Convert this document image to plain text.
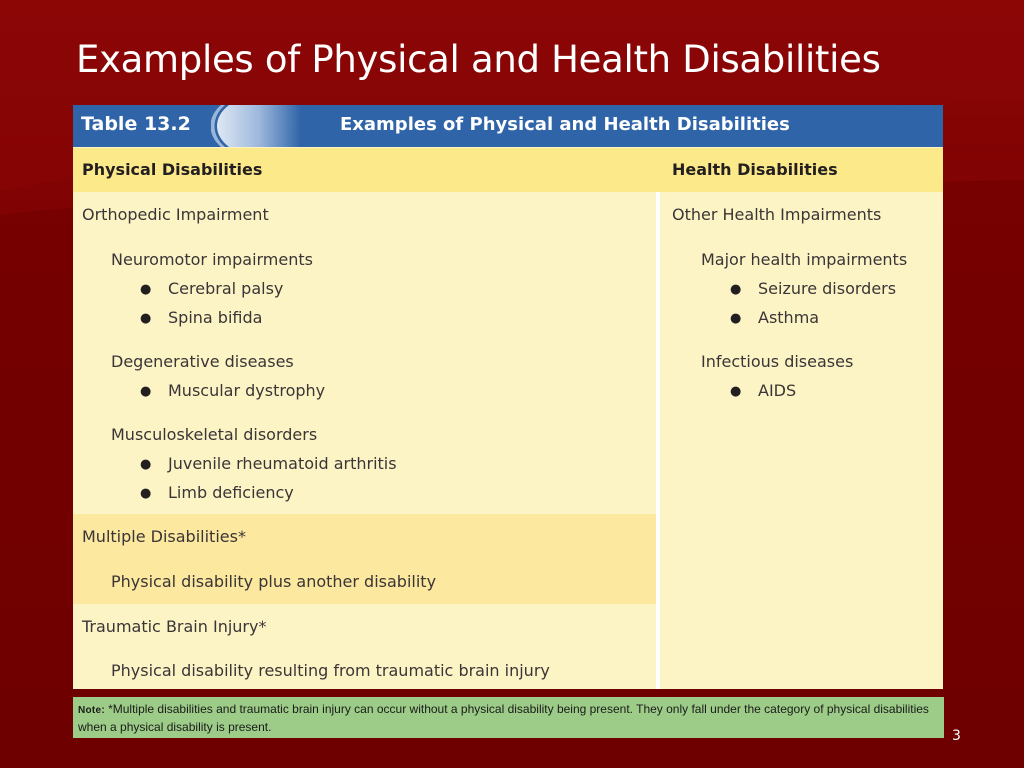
Examples of Physical and Health Disabilities
Table 13.2	Examples of Physical and Health Disabilities
Physical Disabilities	Health Disabilities
Orthopedic Impairment
Neuromotor impairments
● Cerebral palsy
● Spina bifida
Degenerative diseases
● Muscular dystrophy
Musculoskeletal disorders
● Juvenile rheumatoid arthritis
● Limb deficiency
Multiple Disabilities*
Physical disability plus another disability
Traumatic Brain Injury*
Physical disability resulting from traumatic brain injury
Other Health Impairments
Major health impairments
● Seizure disorders
● Asthma
Infectious diseases
● AIDS
Note: *Multiple disabilities and traumatic brain injury can occur without a physical disability being present. They only fall under the category of physical disabilities when a physical disability is present.
3
